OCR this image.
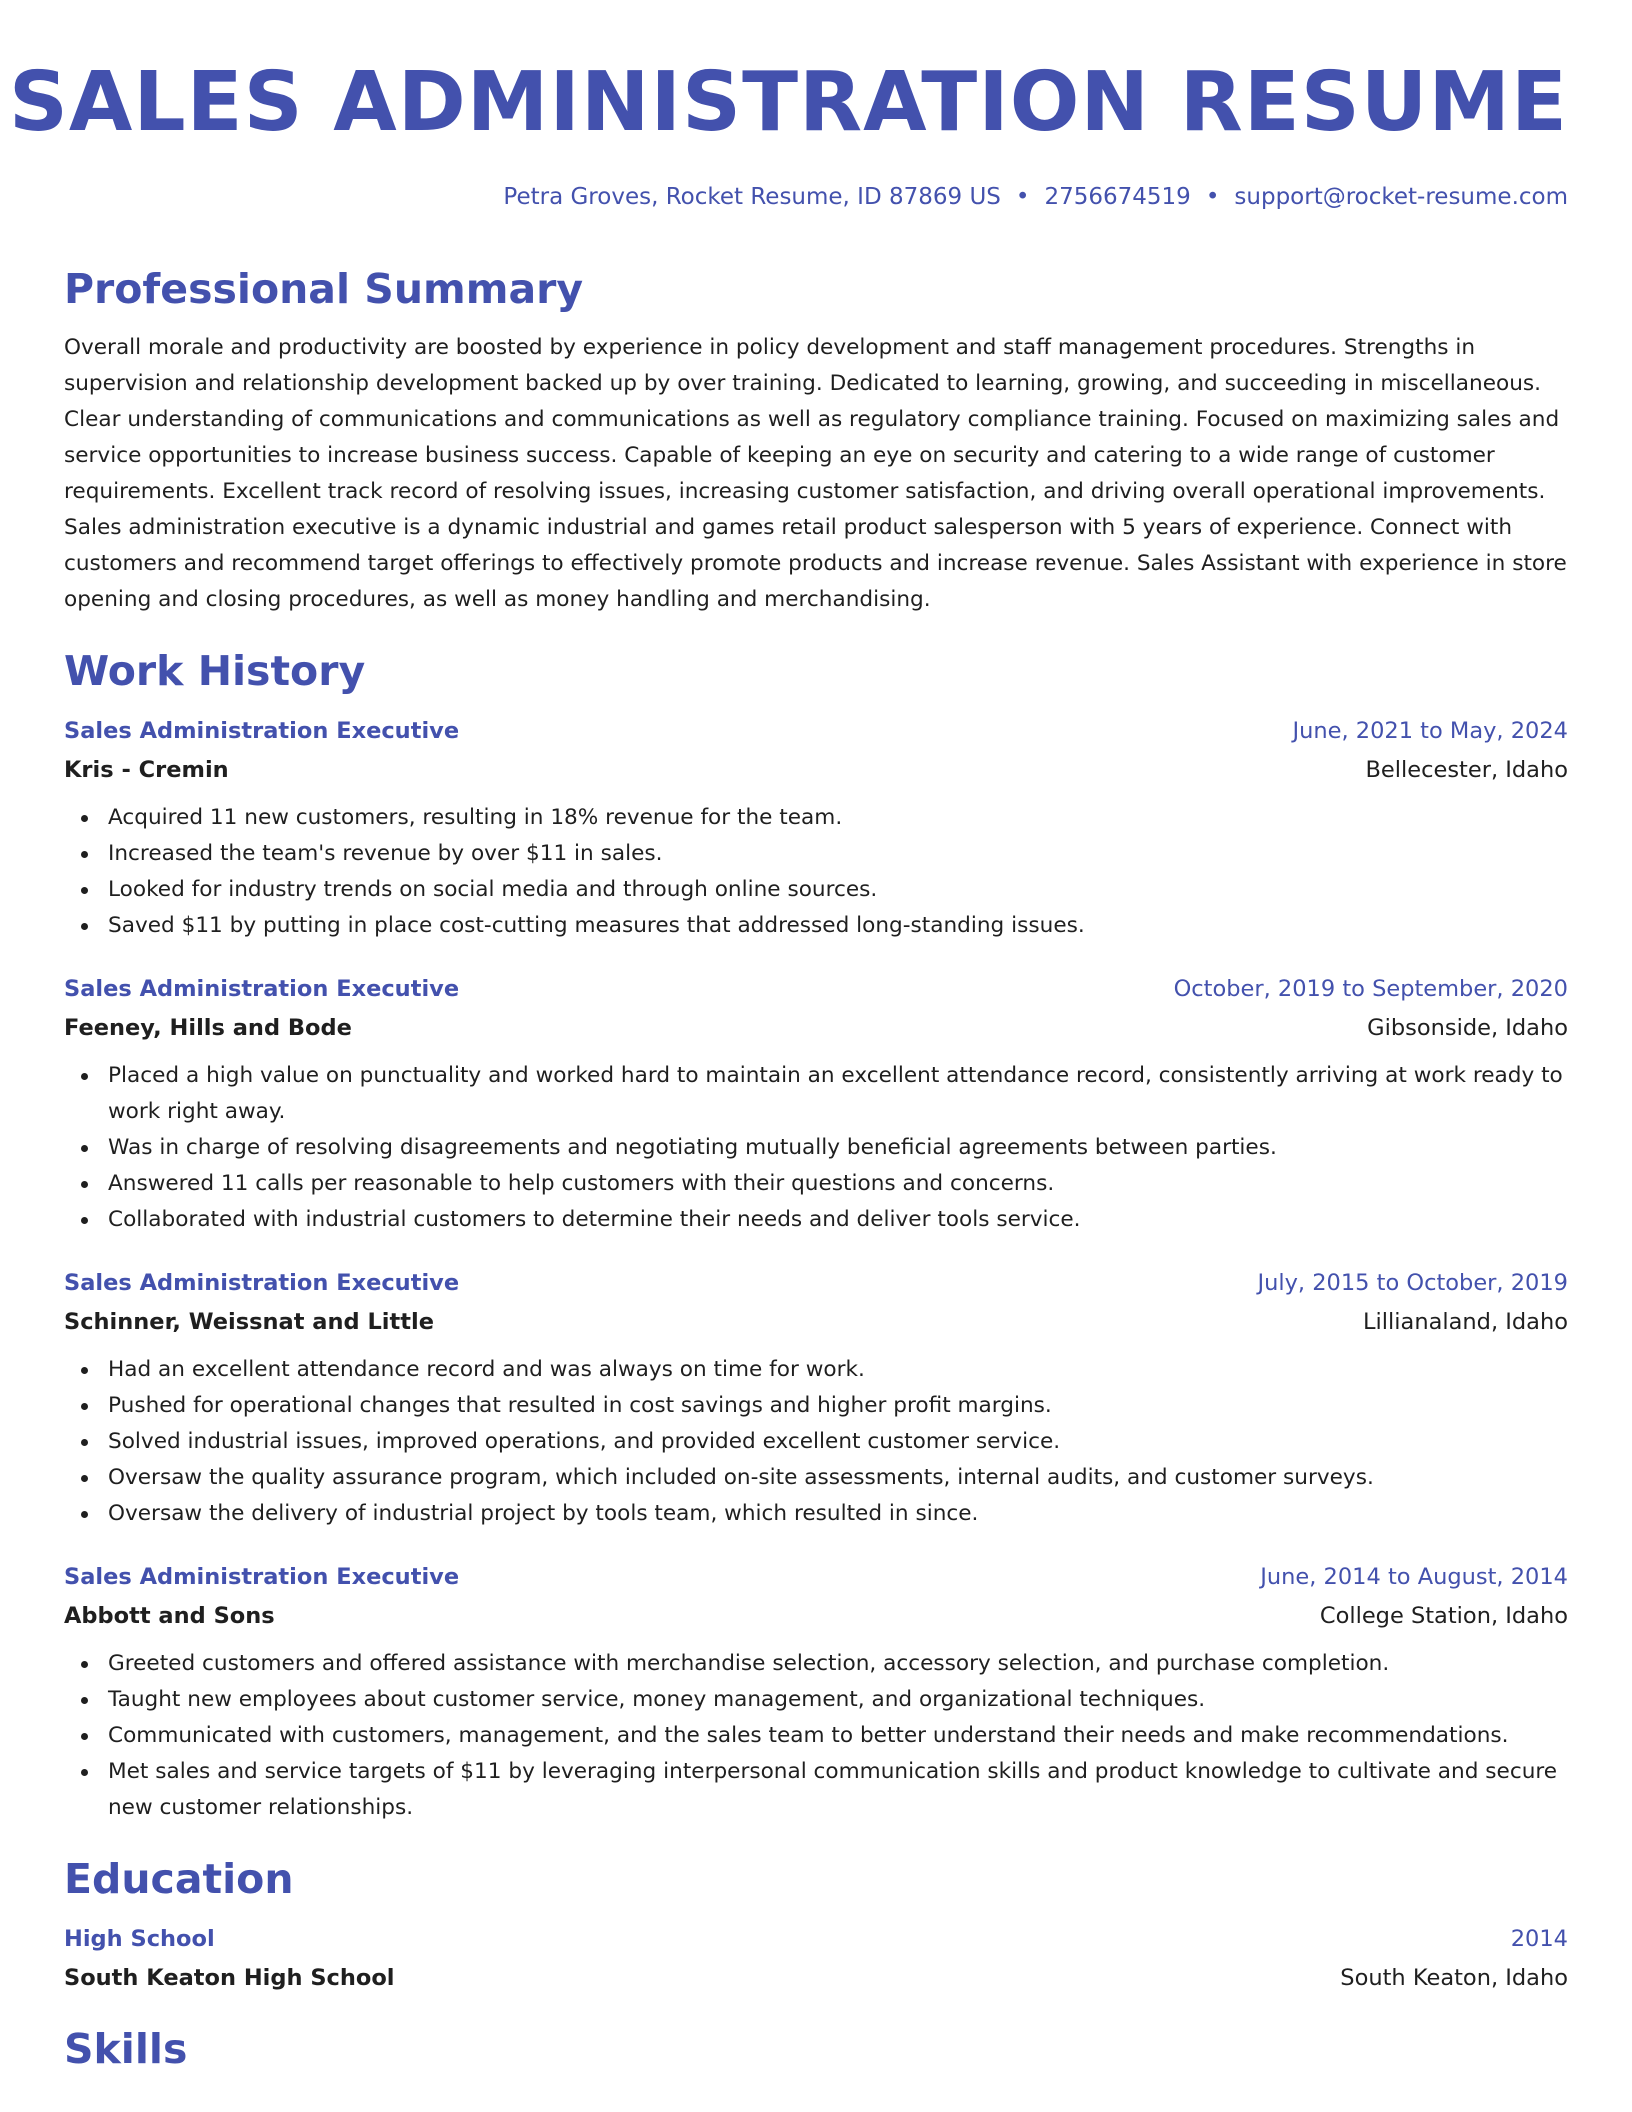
SALES ADMINISTRATION RESUME
Petra Groves, Rocket Resume, ID 87869 US • 2756674519 • support@rocket-resume.com
Professional Summary

Overall morale and productivity are boosted by experience in policy development and staff management procedures. Strengths in supervision and relationship development backed up by over training. Dedicated to learning, growing, and succeeding in miscellaneous. Clear understanding of communications and communications as well as regulatory compliance training. Focused on maximizing sales and service opportunities to increase business success. Capable of keeping an eye on security and catering to a wide range of customer requirements. Excellent track record of resolving issues, increasing customer satisfaction, and driving overall operational improvements. Sales administration executive is a dynamic industrial and games retail product salesperson with 5 years of experience. Connect with customers and recommend target offerings to effectively promote products and increase revenue. Sales Assistant with experience in store opening and closing procedures, as well as money handling and merchandising.

Work History
Sales Administration Executive	June, 2021 to May, 2024
Kris - Cremin	Bellecester, Idaho
Acquired 11 new customers, resulting in 18% revenue for the team.
Increased the team's revenue by over $11 in sales.
Looked for industry trends on social media and through online sources.
Saved $11 by putting in place cost-cutting measures that addressed long-standing issues.
Sales Administration Executive	October, 2019 to September, 2020
Feeney, Hills and Bode	Gibsonside, Idaho
Placed a high value on punctuality and worked hard to maintain an excellent attendance record, consistently arriving at work ready to work right away.
Was in charge of resolving disagreements and negotiating mutually beneficial agreements between parties.
Answered 11 calls per reasonable to help customers with their questions and concerns.
Collaborated with industrial customers to determine their needs and deliver tools service.
Sales Administration Executive	July, 2015 to October, 2019
Schinner, Weissnat and Little	Lillianaland, Idaho
Had an excellent attendance record and was always on time for work.
Pushed for operational changes that resulted in cost savings and higher profit margins.
Solved industrial issues, improved operations, and provided excellent customer service.
Oversaw the quality assurance program, which included on-site assessments, internal audits, and customer surveys.
Oversaw the delivery of industrial project by tools team, which resulted in since.
Sales Administration Executive	June, 2014 to August, 2014
Abbott and Sons	College Station, Idaho
Greeted customers and offered assistance with merchandise selection, accessory selection, and purchase completion.
Taught new employees about customer service, money management, and organizational techniques.
Communicated with customers, management, and the sales team to better understand their needs and make recommendations.
Met sales and service targets of $11 by leveraging interpersonal communication skills and product knowledge to cultivate and secure new customer relationships.
Education
High School	2014
South Keaton High School	South Keaton, Idaho
Skills
